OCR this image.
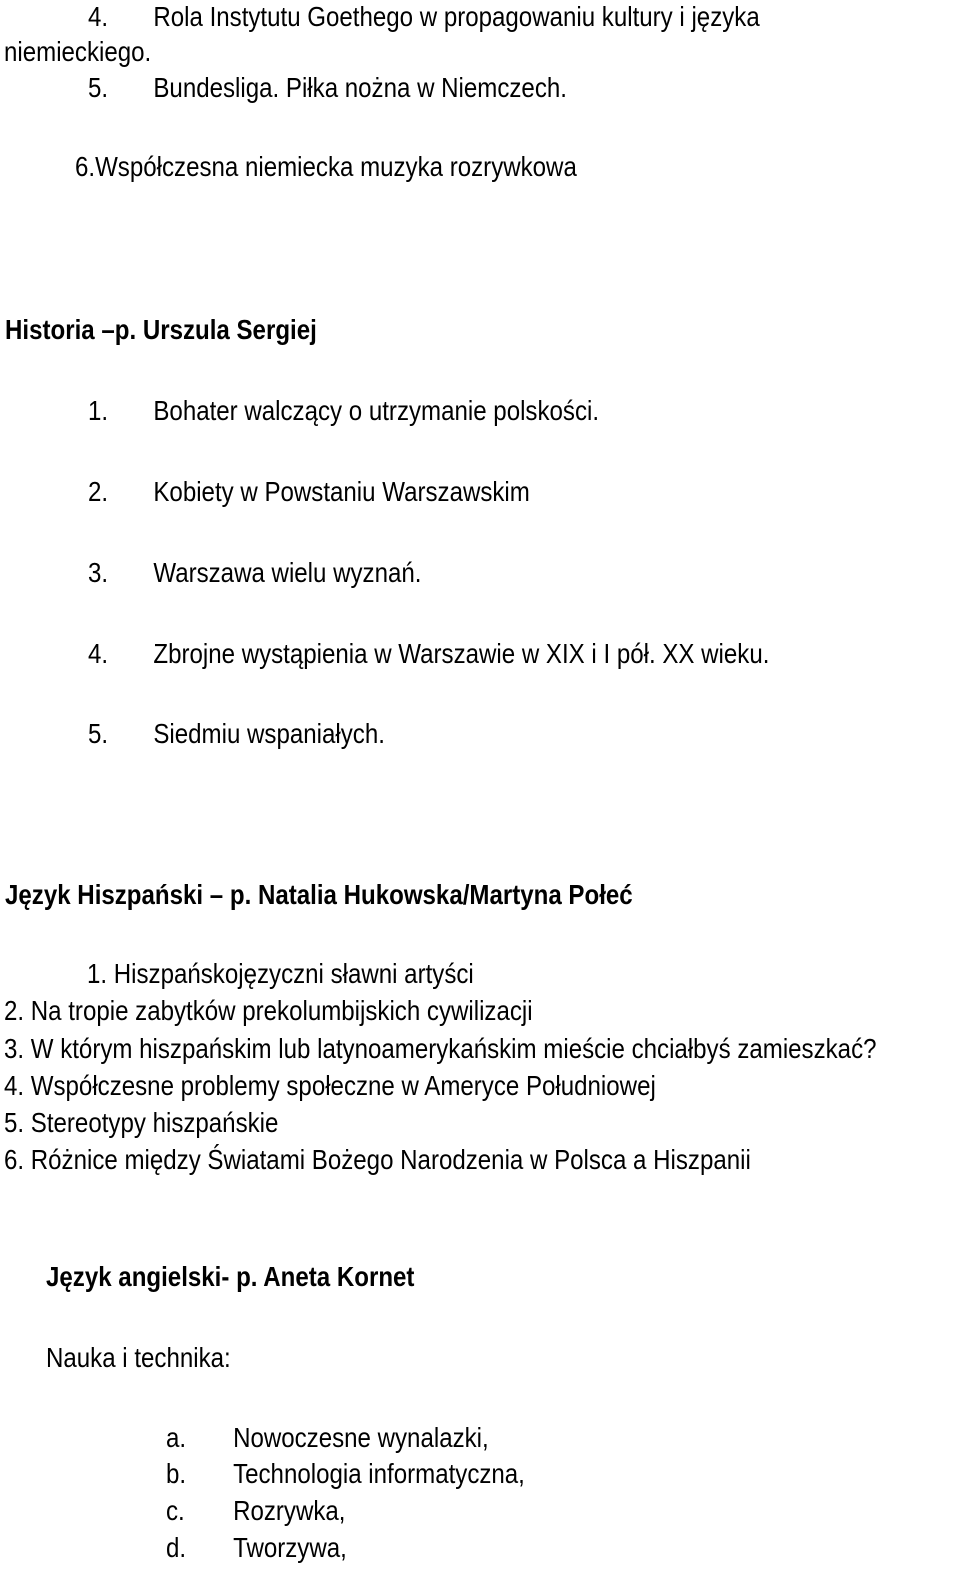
4. Rola Instytutu Goethego w propagowaniu kultury i języka
niemieckiego.
5. Bundesliga. Piłka nożna w Niemczech.
6.Współczesna niemiecka muzyka rozrywkowa
Historia –p. Urszula Sergiej
1. Bohater walczący o utrzymanie polskości.
2. Kobiety w Powstaniu Warszawskim
3. Warszawa wielu wyznań.
4. Zbrojne wystąpienia w Warszawie w XIX i I pół. XX wieku.
5. Siedmiu wspaniałych.
Język Hiszpański – p. Natalia Hukowska/Martyna Połeć
1. Hiszpańskojęzyczni sławni artyści
2. Na tropie zabytków prekolumbijskich cywilizacji
3. W którym hiszpańskim lub latynoamerykańskim mieście chciałbyś zamieszkać?
4. Współczesne problemy społeczne w Ameryce Południowej
5. Stereotypy hiszpańskie
6. Różnice między Światami Bożego Narodzenia w Polsca a Hiszpanii
Język angielski- p. Aneta Kornet
Nauka i technika:
a. Nowoczesne wynalazki,
b. Technologia informatyczna,
c. Rozrywka,
d. Tworzywa,
